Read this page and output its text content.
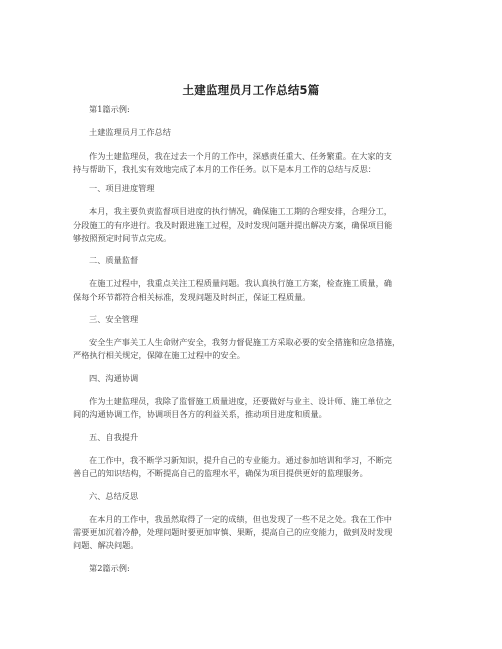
土建监理员月工作总结5篇
第1篇示例:
土建监理员月工作总结
作为土建监理员，我在过去一个月的工作中，深感责任重大、任务繁重。在大家的支
持与帮助下，我扎实有效地完成了本月的工作任务。以下是本月工作的总结与反思：
一、项目进度管理
本月，我主要负责监督项目进度的执行情况，确保施工工期的合理安排，合理分工，
分段施工的有序进行。我及时跟进施工过程，及时发现问题并提出解决方案，确保项目能
够按照预定时间节点完成。
二、质量监督
在施工过程中，我重点关注工程质量问题。我认真执行施工方案，检查施工质量，确
保每个环节都符合相关标准，发现问题及时纠正，保证工程质量。
三、安全管理
安全生产事关工人生命财产安全，我努力督促施工方采取必要的安全措施和应急措施，
严格执行相关规定，保障在施工过程中的安全。
四、沟通协调
作为土建监理员，我除了监督施工质量进度，还要做好与业主、设计师、施工单位之
间的沟通协调工作，协调项目各方的利益关系，推动项目进度和质量。
五、自我提升
在工作中，我不断学习新知识，提升自己的专业能力。通过参加培训和学习，不断完
善自己的知识结构，不断提高自己的监理水平，确保为项目提供更好的监理服务。
六、总结反思
在本月的工作中，我虽然取得了一定的成绩，但也发现了一些不足之处。我在工作中
需要更加沉着冷静，处理问题时要更加审慎、果断，提高自己的应变能力，做到及时发现
问题、解决问题。
第2篇示例:
